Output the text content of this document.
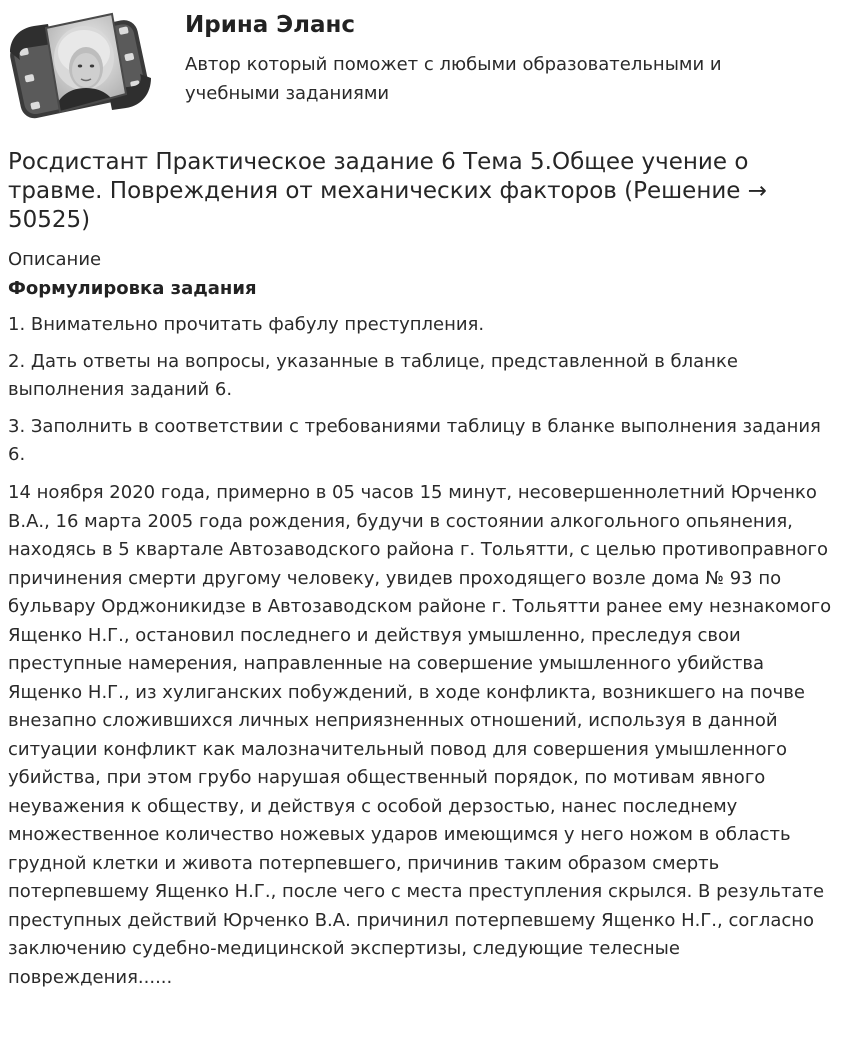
Ирина Эланс
Автор который поможет с любыми образовательными и учебными заданиями
Росдистант Практическое задание 6 Тема 5.Общее учение о травме. Повреждения от механических факторов (Решение → 50525)
Описание
Формулировка задания
1. Внимательно прочитать фабулу преступления.
2. Дать ответы на вопросы, указанные в таблице, представленной в бланке выполнения заданий 6.
3. Заполнить в соответствии с требованиями таблицу в бланке выполнения задания 6.

14 ноября 2020 года, примерно в 05 часов 15 минут, несовершеннолетний Юрченко В.А., 16 марта 2005 года рождения, будучи в состоянии алкогольного опьянения, находясь в 5 квартале Автозаводского района г. Тольятти, с целью противоправного причинения смерти другому человеку, увидев проходящего возле дома № 93 по бульвару Орджоникидзе в Автозаводском районе г. Тольятти ранее ему незнакомого Ященко Н.Г., остановил последнего и действуя умышленно, преследуя свои преступные намерения, направленные на совершение умышленного убийства Ященко Н.Г., из хулиганских побуждений, в ходе конфликта, возникшего на почве внезапно сложившихся личных неприязненных отношений, используя в данной ситуации конфликт как малозначительный повод для совершения умышленного убийства, при этом грубо нарушая общественный порядок, по мотивам явного неуважения к обществу, и действуя с особой дерзостью, нанес последнему множественное количество ножевых ударов имеющимся у него ножом в область грудной клетки и живота потерпевшего, причинив таким образом смерть потерпевшему Ященко Н.Г., после чего с места преступления скрылся. В результате преступных действий Юрченко В.А. причинил потерпевшему Ященко Н.Г., согласно заключению судебно-медицинской экспертизы, следующие телесные повреждения......
